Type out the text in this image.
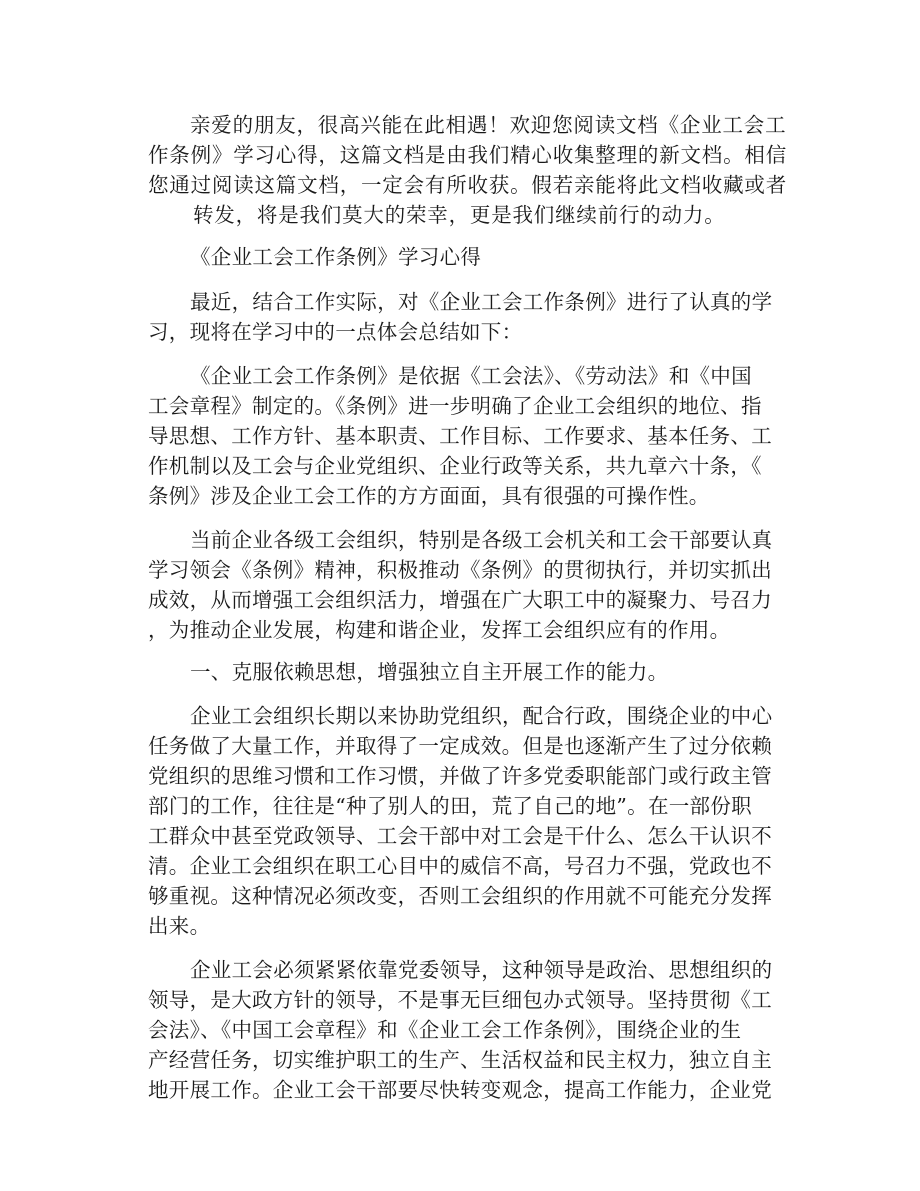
亲爱的朋友，很高兴能在此相遇！欢迎您阅读文档《企业工会工

作条例》学习心得，这篇文档是由我们精心收集整理的新文档。相信

您通过阅读这篇文档，一定会有所收获。假若亲能将此文档收藏或者

转发，将是我们莫大的荣幸，更是我们继续前行的动力。

《企业工会工作条例》学习心得

最近，结合工作实际，对《企业工会工作条例》进行了认真的学

习，现将在学习中的一点体会总结如下：

《企业工会工作条例》是依据《工会法》、《劳动法》和《中国

工会章程》制定的。《条例》进一步明确了企业工会组织的地位、指

导思想、工作方针、基本职责、工作目标、工作要求、基本任务、工

作机制以及工会与企业党组织、企业行政等关系，共九章六十条，《

条例》涉及企业工会工作的方方面面，具有很强的可操作性。

当前企业各级工会组织，特别是各级工会机关和工会干部要认真

学习领会《条例》精神，积极推动《条例》的贯彻执行，并切实抓出

成效，从而增强工会组织活力，增强在广大职工中的凝聚力、号召力

，为推动企业发展，构建和谐企业，发挥工会组织应有的作用。

一、克服依赖思想，增强独立自主开展工作的能力。

企业工会组织长期以来协助党组织，配合行政，围绕企业的中心

任务做了大量工作，并取得了一定成效。但是也逐渐产生了过分依赖

党组织的思维习惯和工作习惯，并做了许多党委职能部门或行政主管

部门的工作，往往是“种了别人的田，荒了自己的地”。在一部份职

工群众中甚至党政领导、工会干部中对工会是干什么、怎么干认识不

清。企业工会组织在职工心目中的威信不高，号召力不强，党政也不

够重视。这种情况必须改变，否则工会组织的作用就不可能充分发挥

出来。

企业工会必须紧紧依靠党委领导，这种领导是政治、思想组织的

领导，是大政方针的领导，不是事无巨细包办式领导。坚持贯彻《工

会法》、《中国工会章程》和《企业工会工作条例》，围绕企业的生

产经营任务，切实维护职工的生产、生活权益和民主权力，独立自主

地开展工作。企业工会干部要尽快转变观念，提高工作能力，企业党
